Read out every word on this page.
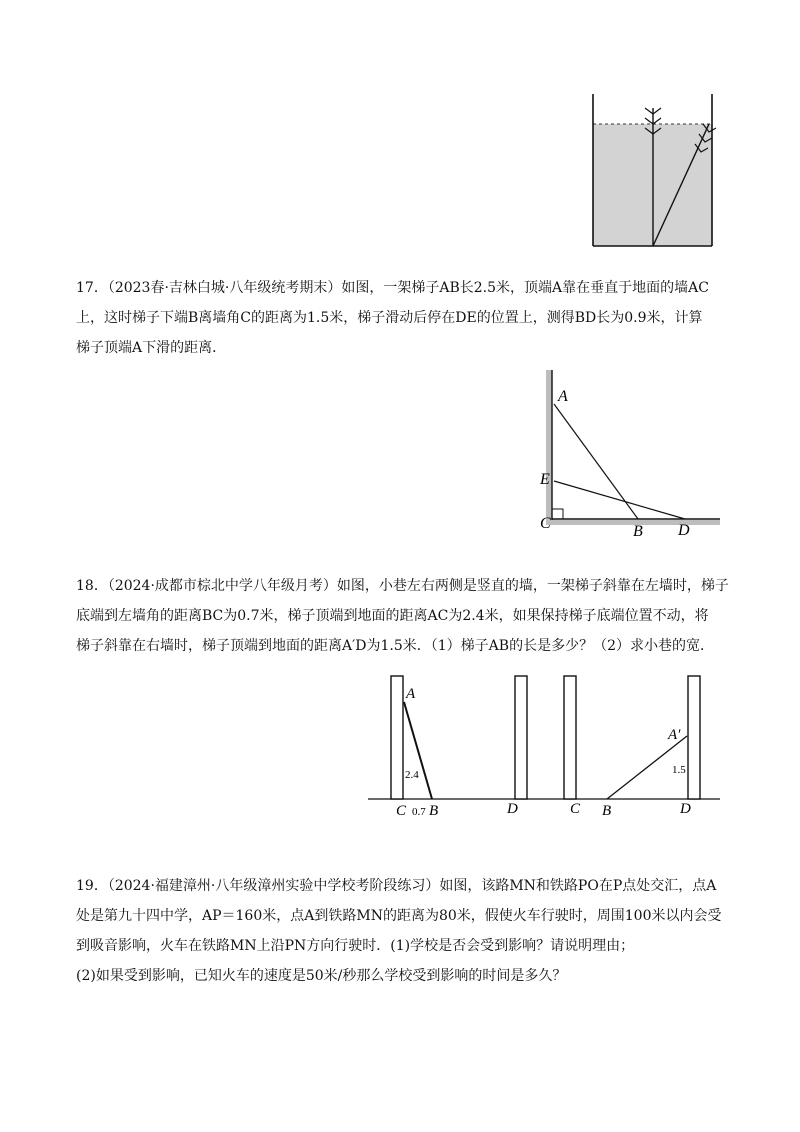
17．（2023春·吉林白城·八年级统考期末）如图，一架梯子AB长2.5米，顶端A靠在垂直于地面的墙AC
上，这时梯子下端B离墙角C的距离为1.5米，梯子滑动后停在DE的位置上，测得BD长为0.9米，计算
梯子顶端A下滑的距离．
A
E
C	B D
18．（2024·成都市棕北中学八年级月考）如图，小巷左右两侧是竖直的墙，一架梯子斜靠在左墙时，梯子
底端到左墙角的距离BC为0.7米，梯子顶端到地面的距离AC为2.4米，如果保持梯子底端位置不动，将
梯子斜靠在右墙时，梯子顶端到地面的距离A′D为1.5米．（1）梯子AB的长是多少？（2）求小巷的宽．
A
2.4
C 0.7 B	D	C B	D
A′
1.5
19．（2024·福建漳州·八年级漳州实验中学校考阶段练习）如图，该路MN和铁路PO在P点处交汇，点A
处是第九十四中学，AP＝160米，点A到铁路MN的距离为80米，假使火车行驶时，周围100米以内会受
到吸音影响，火车在铁路MN上沿PN方向行驶时．(1)学校是否会受到影响？请说明理由；
(2)如果受到影响，已知火车的速度是50米/秒那么学校受到影响的时间是多久？
